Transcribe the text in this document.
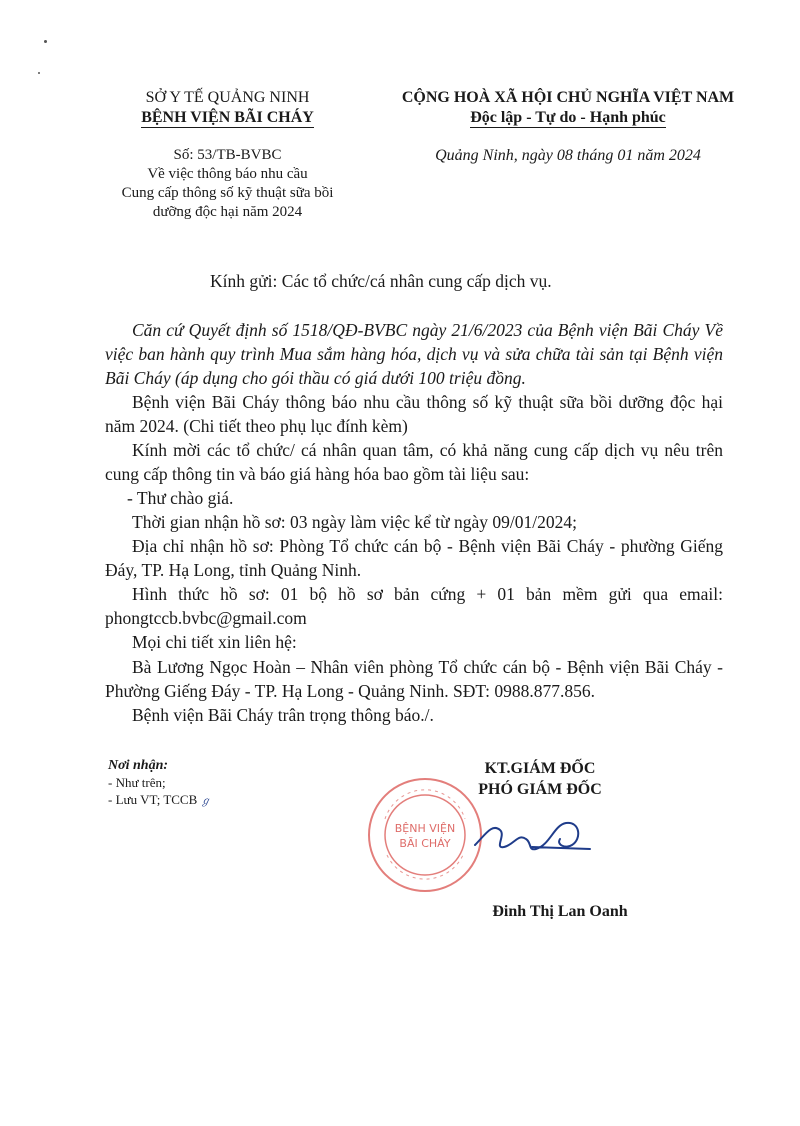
SỞ Y TẾ QUẢNG NINH
BỆNH VIỆN BÃI CHÁY
Số: 53/TB-BVBC
Về việc thông báo nhu cầu
Cung cấp thông số kỹ thuật sữa bồi
dưỡng độc hại năm 2024
CỘNG HOÀ XÃ HỘI CHỦ NGHĨA VIỆT NAM
Độc lập - Tự do - Hạnh phúc
Quảng Ninh, ngày 08 tháng 01 năm 2024
Kính gửi: Các tổ chức/cá nhân cung cấp dịch vụ.
Căn cứ Quyết định số 1518/QĐ-BVBC ngày 21/6/2023 của Bệnh viện Bãi Cháy Về việc ban hành quy trình Mua sắm hàng hóa, dịch vụ và sửa chữa tài sản tại Bệnh viện Bãi Cháy (áp dụng cho gói thầu có giá dưới 100 triệu đồng.
Bệnh viện Bãi Cháy thông báo nhu cầu thông số kỹ thuật sữa bồi dưỡng độc hại năm 2024. (Chi tiết theo phụ lục đính kèm)
Kính mời các tổ chức/ cá nhân quan tâm, có khả năng cung cấp dịch vụ nêu trên cung cấp thông tin và báo giá hàng hóa bao gồm tài liệu sau:
- Thư chào giá.
Thời gian nhận hồ sơ: 03 ngày làm việc kể từ ngày 09/01/2024;
Địa chỉ nhận hồ sơ: Phòng Tổ chức cán bộ - Bệnh viện Bãi Cháy - phường Giếng Đáy, TP. Hạ Long, tỉnh Quảng Ninh.
Hình thức hồ sơ: 01 bộ hồ sơ bản cứng + 01 bản mềm gửi qua email: phongtccb.bvbc@gmail.com
Mọi chi tiết xin liên hệ:
Bà Lương Ngọc Hoàn – Nhân viên phòng Tổ chức cán bộ - Bệnh viện Bãi Cháy - Phường Giếng Đáy - TP. Hạ Long - Quảng Ninh. SĐT: 0988.877.856.
Bệnh viện Bãi Cháy trân trọng thông báo./.
Nơi nhận:
- Như trên;
- Lưu VT; TCCB ℊ
KT.GIÁM ĐỐC
PHÓ GIÁM ĐỐC
BỆNH VIỆN
BÃI CHÁY
Đinh Thị Lan Oanh
